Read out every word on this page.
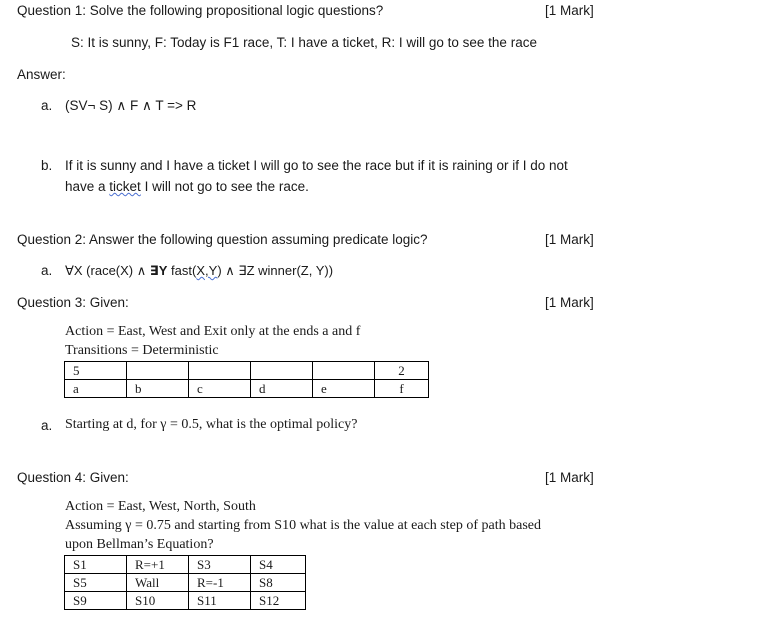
Question 1: Solve the following propositional logic questions?	[1 Mark]
S: It is sunny, F: Today is F1 race, T: I have a ticket, R: I will go to see the race
Answer:
a. (SV¬ S) ∧ F ∧ T => R
b. If it is sunny and I have a ticket I will go to see the race but if it is raining or if I do not
have a ticket I will not go to see the race.
Question 2: Answer the following question assuming predicate logic?	[1 Mark]
a. ∀X (race(X) ∧ ∃Y fast(X,Y) ∧ ∃Z winner(Z, Y))
Question 3: Given:	[1 Mark]
Action = East, West and Exit only at the ends a and f
Transitions = Deterministic
5					2
a	b	c	d	e	f
a. Starting at d, for γ = 0.5, what is the optimal policy?
Question 4: Given:	[1 Mark]
Action = East, West, North, South
Assuming γ = 0.75 and starting from S10 what is the value at each step of path based
upon Bellman’s Equation?
S1	R=+1	S3	S4
S5	Wall	R=-1	S8
S9	S10	S11	S12
